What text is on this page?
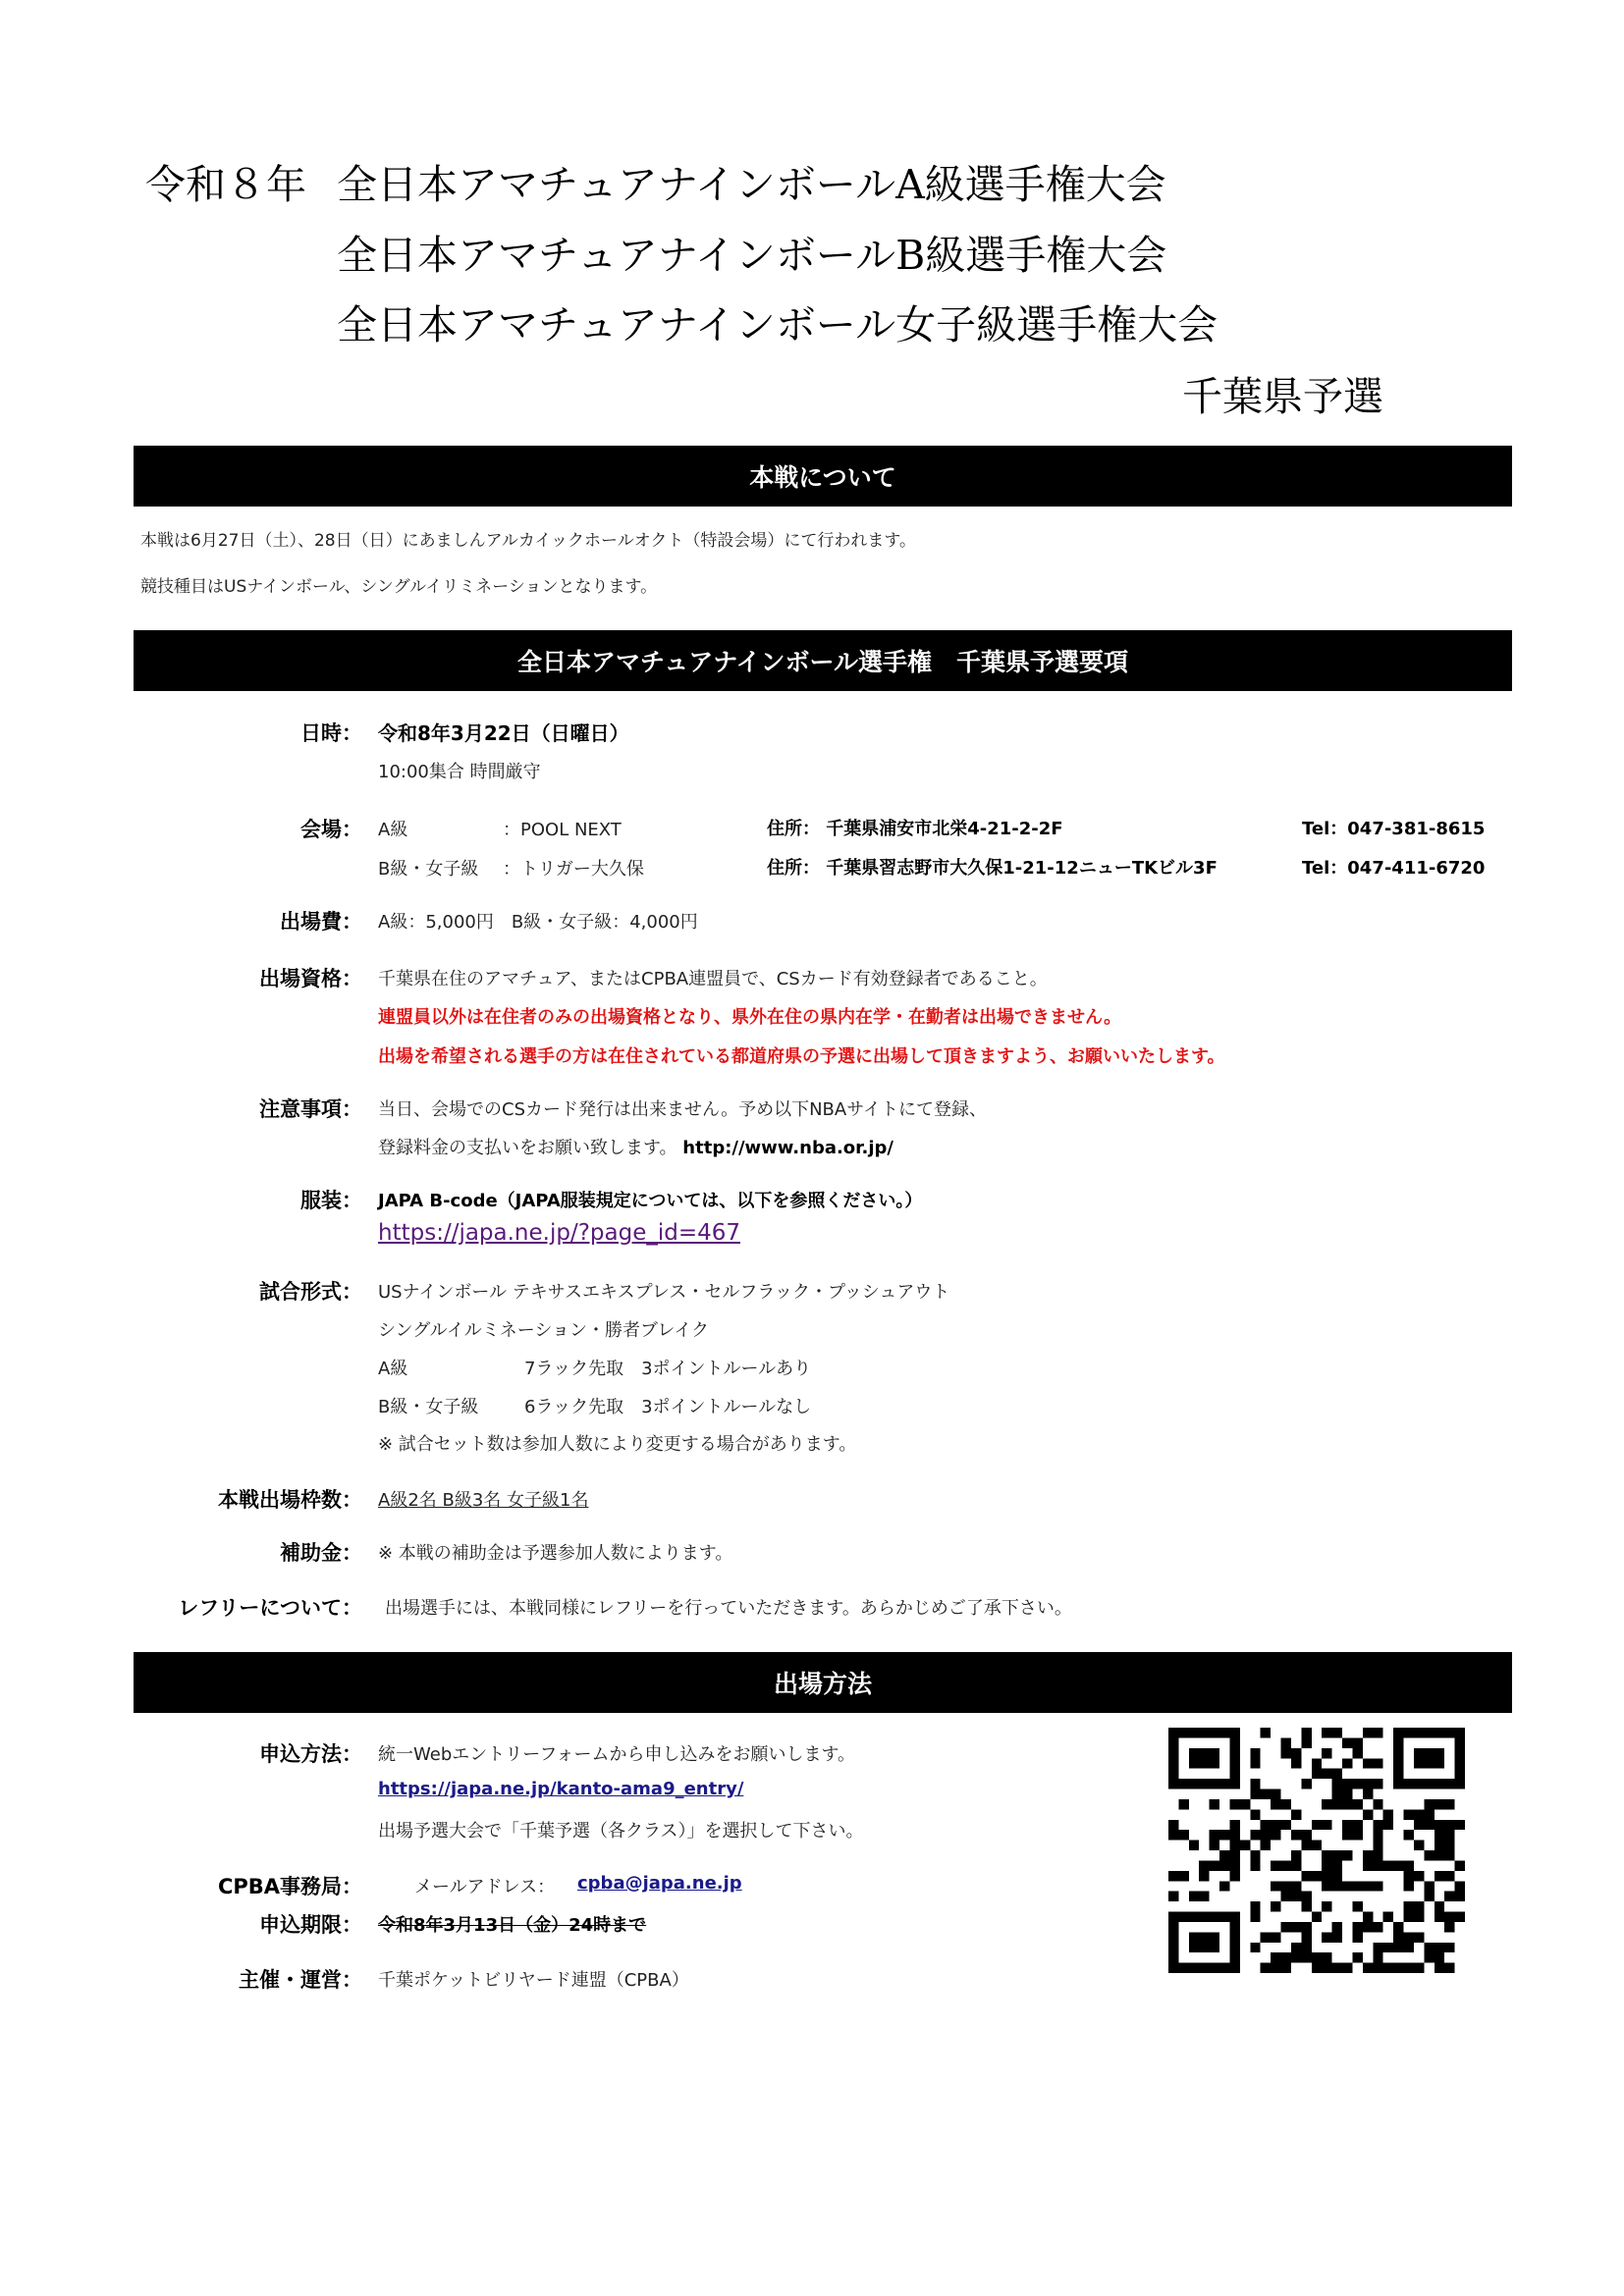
令和８年 全日本アマチュアナインボールA級選手権大会
全日本アマチュアナインボールB級選手権大会
全日本アマチュアナインボール女子級選手権大会
千葉県予選
本戦について
本戦は6月27日（土）、28日（日）にあましんアルカイックホールオクト（特設会場）にて行われます。
競技種目はUSナインボール、シングルイリミネーションとなります。
全日本アマチュアナインボール選手権　千葉県予選要項
日時： 令和8年3月22日（日曜日）
10:00集合 時間厳守
会場： A級	：POOL NEXT	住所： 千葉県浦安市北栄4-21-2-2F	Tel：047-381-8615
B級・女子級 ：トリガー大久保	住所： 千葉県習志野市大久保1-21-12ニューTKビル3F	Tel：047-411-6720
出場費： A級：5,000円　B級・女子級：4,000円
出場資格： 千葉県在住のアマチュア、またはCPBA連盟員で、CSカード有効登録者であること。
連盟員以外は在住者のみの出場資格となり、県外在住の県内在学・在勤者は出場できません。
出場を希望される選手の方は在住されている都道府県の予選に出場して頂きますよう、お願いいたします。
注意事項： 当日、会場でのCSカード発行は出来ません。予め以下NBAサイトにて登録、
登録料金の支払いをお願い致します。 http://www.nba.or.jp/
服装： JAPA B-code（JAPA服装規定については、以下を参照ください。）
https://japa.ne.jp/?page_id=467
試合形式： USナインボール テキサスエキスプレス・セルフラック・プッシュアウト
シングルイルミネーション・勝者ブレイク
A級	7ラック先取　3ポイントルールあり
B級・女子級	6ラック先取　3ポイントルールなし
※ 試合セット数は参加人数により変更する場合があります。
本戦出場枠数： A級2名 B級3名 女子級1名
補助金： ※ 本戦の補助金は予選参加人数によります。
レフリーについて： 出場選手には、本戦同様にレフリーを行っていただきます。あらかじめご了承下さい。
出場方法
申込方法： 統一Webエントリーフォームから申し込みをお願いします。
https://japa.ne.jp/kanto-ama9_entry/
出場予選大会で「千葉予選（各クラス）」を選択して下さい。
CPBA事務局：	メールアドレス： cpba@japa.ne.jp
申込期限： 令和8年3月13日（金）24時まで
主催・運営： 千葉ポケットビリヤード連盟（CPBA）
